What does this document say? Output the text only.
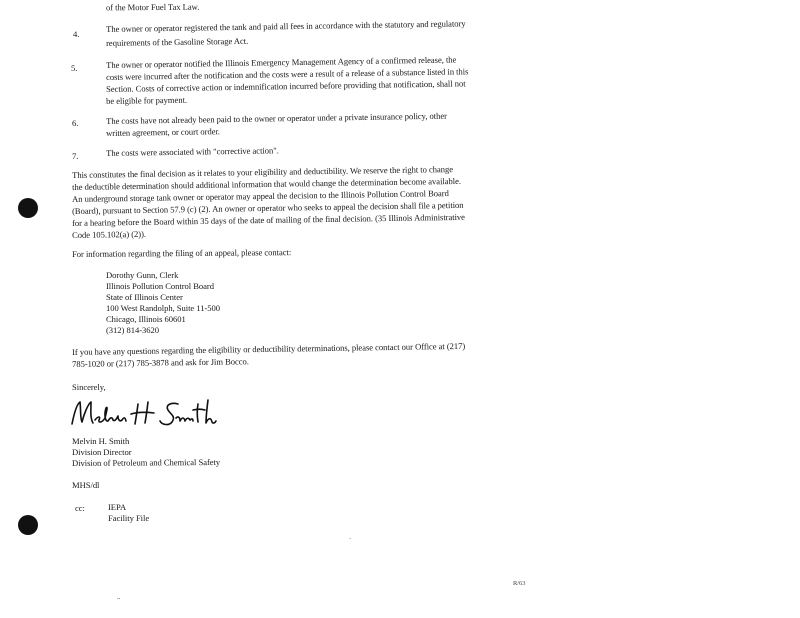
of the Motor Fuel Tax Law.
4.
The owner or operator registered the tank and paid all fees in accordance with the statutory and regulatory
requirements of the Gasoline Storage Act.
5.	The owner or operator notified the Illinois Emergency Management Agency of a confirmed release, the
costs were incurred after the notification and the costs were a result of a release of a substance listed in this
Section. Costs of corrective action or indemnification incurred before providing that notification, shall not
be eligible for payment.
6.	The costs have not already been paid to the owner or operator under a private insurance policy, other
written agreement, or court order.
7.	The costs were associated with "corrective action".
This constitutes the final decision as it relates to your eligibility and deductibility. We reserve the right to change
the deductible determination should additional information that would change the determination become available.
An underground storage tank owner or operator may appeal the decision to the Illinois Pollution Control Board
(Board), pursuant to Section 57.9 (c) (2). An owner or operator who seeks to appeal the decision shall file a petition
for a hearing before the Board within 35 days of the date of mailing of the final decision. (35 Illinois Administrative
Code 105.102(a) (2)).
For information regarding the filing of an appeal, please contact:
Dorothy Gunn, Clerk
Illinois Pollution Control Board
State of Illinois Center
100 West Randolph, Suite 11-500
Chicago, Illinois 60601
(312) 814-3620
If you have any questions regarding the eligibility or deductibility determinations, please contact our Office at (217)
785-1020 or (217) 785-3878 and ask for Jim Bocco.
Sincerely,
Melvin H. Smith
Division Director
Division of Petroleum and Chemical Safety
MHS/dl
cc:	IEPA
Facility File
R/63
·
..
